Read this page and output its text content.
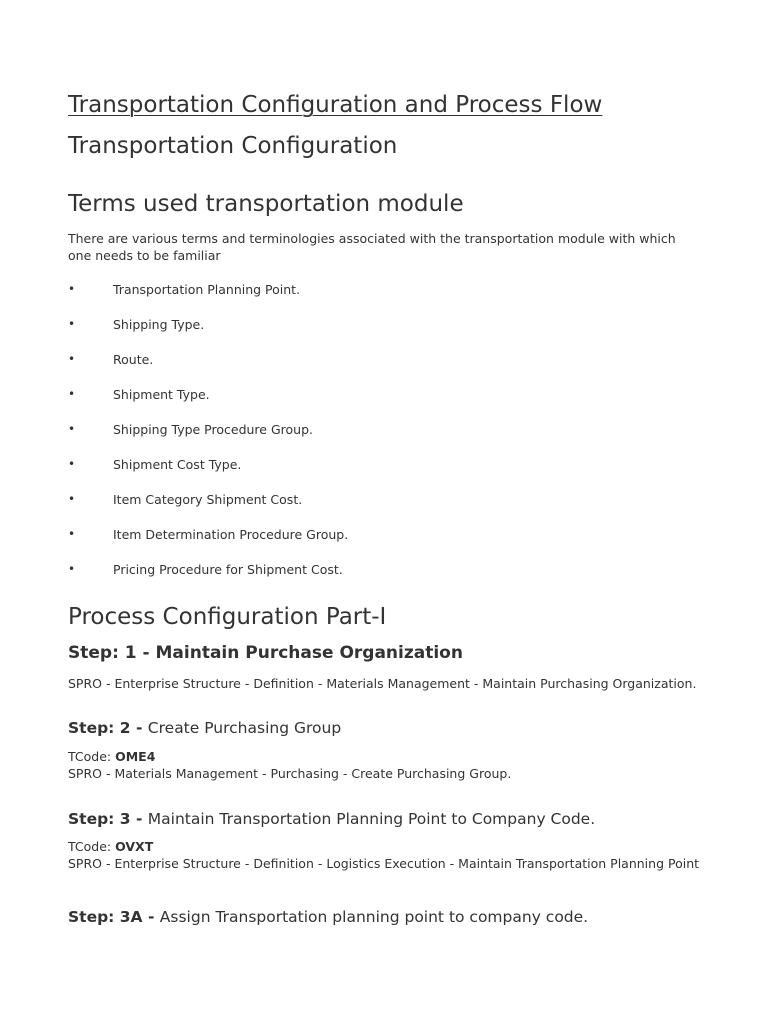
Transportation Configuration and Process Flow
Transportation Configuration
Terms used transportation module
There are various terms and terminologies associated with the transportation module with which one needs to be familiar
•	Transportation Planning Point.
•	Shipping Type.
•	Route.
•	Shipment Type.
•	Shipping Type Procedure Group.
•	Shipment Cost Type.
•	Item Category Shipment Cost.
•	Item Determination Procedure Group.
•	Pricing Procedure for Shipment Cost.
Process Configuration Part-I
Step: 1 - Maintain Purchase Organization
SPRO - Enterprise Structure - Definition - Materials Management - Maintain Purchasing Organization.
Step: 2 - Create Purchasing Group
TCode: OME4
SPRO - Materials Management - Purchasing - Create Purchasing Group.
Step: 3 - Maintain Transportation Planning Point to Company Code.
TCode: OVXT
SPRO - Enterprise Structure - Definition - Logistics Execution - Maintain Transportation Planning Point
Step: 3A - Assign Transportation planning point to company code.
